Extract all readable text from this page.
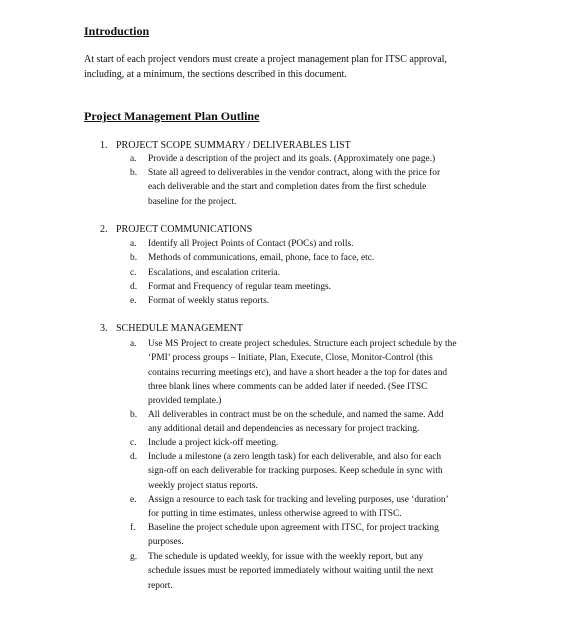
Introduction
At start of each project vendors must create a project management plan for ITSC approval,
including, at a minimum, the sections described in this document.
Project Management Plan Outline
1. PROJECT SCOPE SUMMARY / DELIVERABLES LIST
a. Provide a description of the project and its goals. (Approximately one page.)
b. State all agreed to deliverables in the vendor contract, along with the price for
each deliverable and the start and completion dates from the first schedule
baseline for the project.
2. PROJECT COMMUNICATIONS
a. Identify all Project Points of Contact (POCs) and rolls.
b. Methods of communications, email, phone, face to face, etc.
c. Escalations, and escalation criteria.
d. Format and Frequency of regular team meetings.
e. Format of weekly status reports.
3. SCHEDULE MANAGEMENT
a. Use MS Project to create project schedules. Structure each project schedule by the
‘PMI’ process groups – Initiate, Plan, Execute, Close, Monitor-Control (this
contains recurring meetings etc), and have a short header a the top for dates and
three blank lines where comments can be added later if needed. (See ITSC
provided template.)
b. All deliverables in contract must be on the schedule, and named the same. Add
any additional detail and dependencies as necessary for project tracking.
c. Include a project kick-off meeting.
d. Include a milestone (a zero length task) for each deliverable, and also for each
sign-off on each deliverable for tracking purposes. Keep schedule in sync with
weekly project status reports.
e. Assign a resource to each task for tracking and leveling purposes, use ‘duration’
for putting in time estimates, unless otherwise agreed to with ITSC.
f. Baseline the project schedule upon agreement with ITSC, for project tracking
purposes.
g. The schedule is updated weekly, for issue with the weekly report, but any
schedule issues must be reported immediately without waiting until the next
report.
